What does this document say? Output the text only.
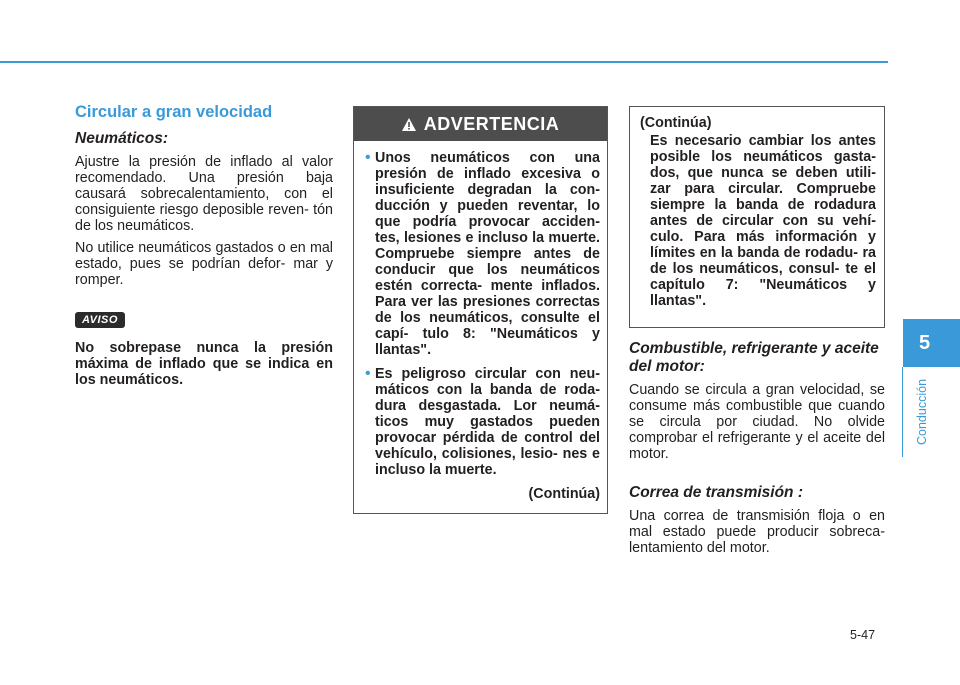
Circular a gran velocidad
Neumáticos:

Ajustre la presión de inflado al valor recomendado. Una presión baja causará sobrecalentamiento, con el consiguiente riesgo deposible reven- tón de los neumáticos.

No utilice neumáticos gastados o en mal estado, pues se podrían defor- mar y romper.

AVISO

No sobrepase nunca la presión máxima de inflado que se indica en los neumáticos.

ADVERTENCIA
• Unos neumáticos con una presión de inflado excesiva o insuficiente degradan la con- ducción y pueden reventar, lo que podría provocar acciden- tes, lesiones e incluso la muerte. Compruebe siempre antes de conducir que los neumáticos estén correcta- mente inflados. Para ver las presiones correctas de los neumáticos, consulte el capí- tulo 8: "Neumáticos y llantas".
• Es peligroso circular con neu- máticos con la banda de roda- dura desgastada. Lor neumá- ticos muy gastados pueden provocar pérdida de control del vehículo, colisiones, lesio- nes e incluso la muerte.
(Continúa)
(Continúa)
Es necesario cambiar los antes posible los neumáticos gasta- dos, que nunca se deben utili- zar para circular. Compruebe siempre la banda de rodadura antes de circular con su vehí- culo. Para más información y límites en la banda de rodadu- ra de los neumáticos, consul- te el capítulo 7: "Neumáticos y llantas".
Combustible, refrigerante y aceite del motor:

Cuando se circula a gran velocidad, se consume más combustible que cuando se circula por ciudad. No olvide comprobar el refrigerante y el aceite del motor.

Correa de transmisión :

Una correa de transmisión floja o en mal estado puede producir sobreca- lentamiento del motor.

5
Conducción
5-47
